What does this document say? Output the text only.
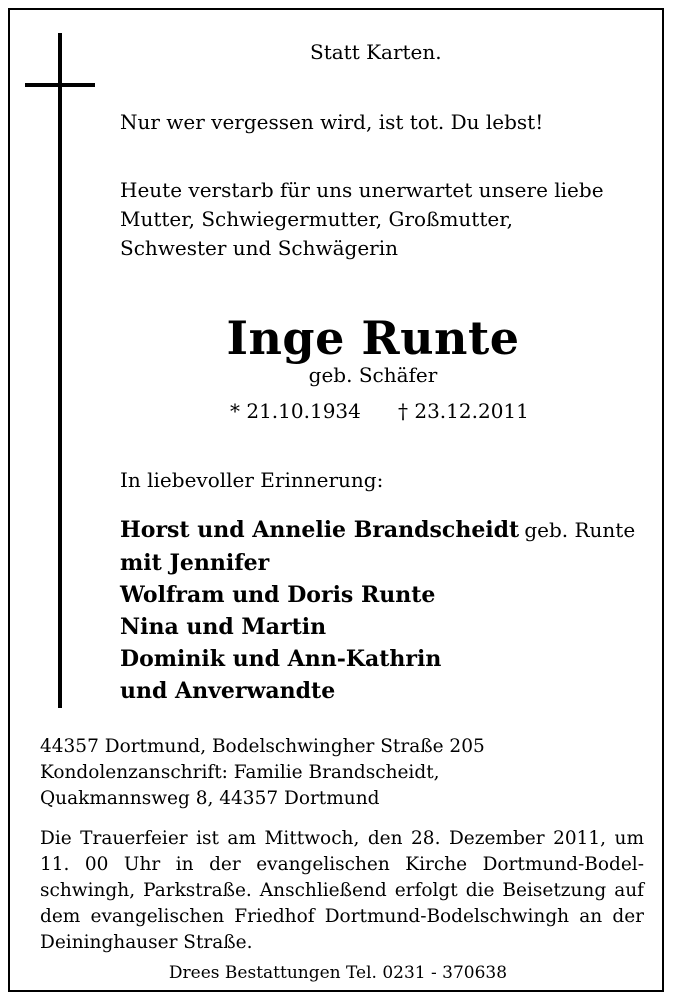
Statt Karten.
Nur wer vergessen wird, ist tot. Du lebst!
Heute verstarb für uns unerwartet unsere liebe
Mutter, Schwiegermutter, Großmutter,
Schwester und Schwägerin
Inge Runte
geb. Schäfer
* 21.10.1934 † 23.12.2011
In liebevoller Erinnerung:
Horst und Annelie Brandscheidt geb. Runte
mit Jennifer
Wolfram und Doris Runte
Nina und Martin
Dominik und Ann-Kathrin
und Anverwandte
44357 Dortmund, Bodelschwingher Straße 205
Kondolenzanschrift: Familie Brandscheidt,
Quakmannsweg 8, 44357 Dortmund

Die Trauerfeier ist am Mittwoch, den 28. Dezember 2011, um 11. 00 Uhr in der evangelischen Kirche Dortmund-Bodelschwingh, Parkstraße. Anschließend erfolgt die Beisetzung auf dem evangelischen Friedhof Dortmund-Bodelschwingh an der Deininghauser Straße.

Drees Bestattungen Tel. 0231 - 370638
